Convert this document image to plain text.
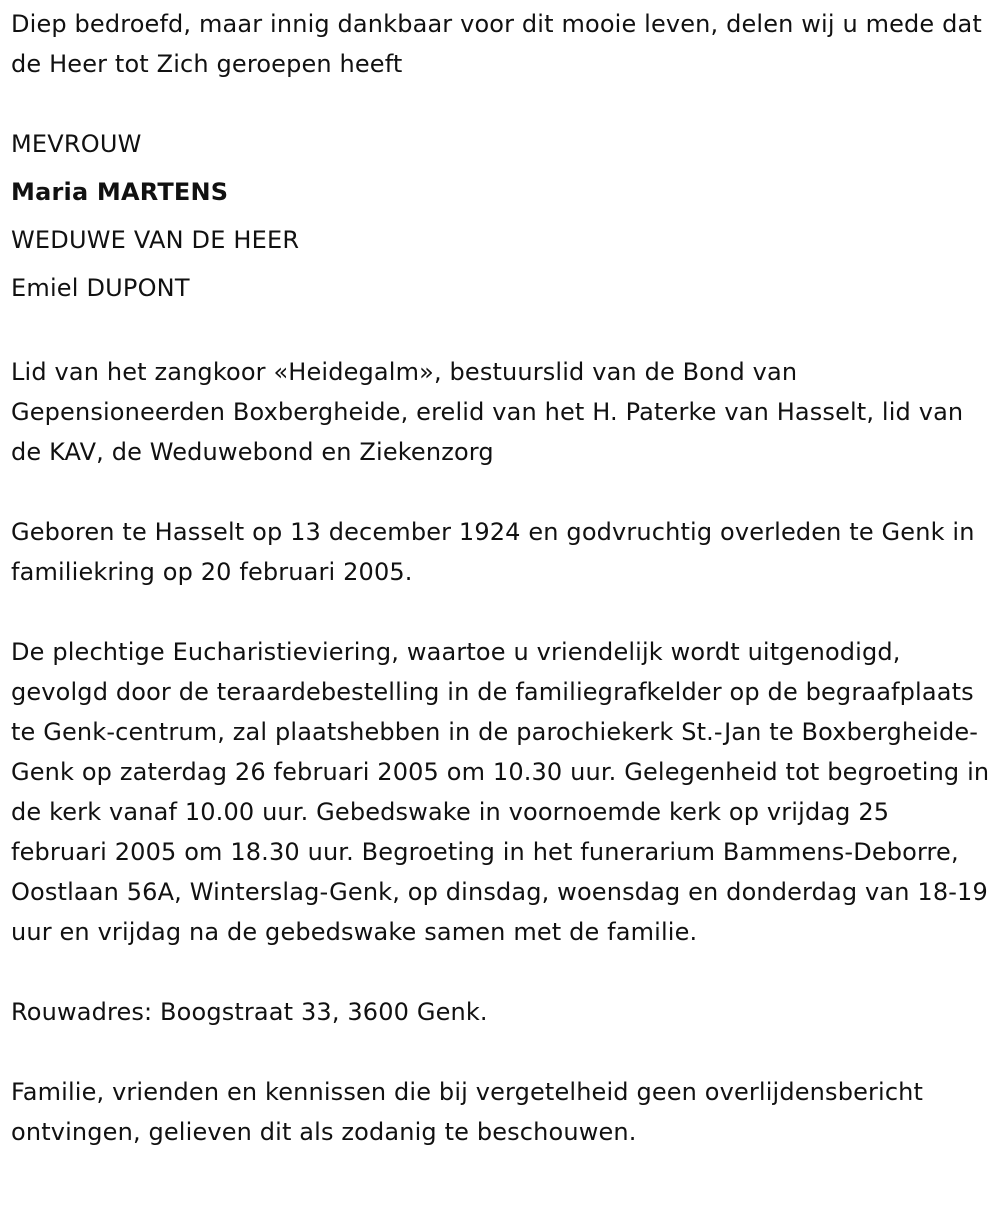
Diep bedroefd, maar innig dankbaar voor dit mooie leven, delen wij u mede dat de Heer tot Zich geroepen heeft

MEVROUW

Maria MARTENS

WEDUWE VAN DE HEER

Emiel DUPONT

Lid van het zangkoor «Heidegalm», bestuurslid van de Bond van Gepensioneerden Boxbergheide, erelid van het H. Paterke van Hasselt, lid van de KAV, de Weduwebond en Ziekenzorg

Geboren te Hasselt op 13 december 1924 en godvruchtig overleden te Genk in familiekring op 20 februari 2005.

De plechtige Eucharistieviering, waartoe u vriendelijk wordt uitgenodigd, gevolgd door de teraardebestelling in de familiegrafkelder op de begraafplaats te Genk-centrum, zal plaatshebben in de parochiekerk St.-Jan te Boxbergheide-Genk op zaterdag 26 februari 2005 om 10.30 uur. Gelegenheid tot begroeting in de kerk vanaf 10.00 uur. Gebedswake in voornoemde kerk op vrijdag 25 februari 2005 om 18.30 uur. Begroeting in het funerarium Bammens-Deborre, Oostlaan 56A, Winterslag-Genk, op dinsdag, woensdag en donderdag van 18-19 uur en vrijdag na de gebedswake samen met de familie.

Rouwadres: Boogstraat 33, 3600 Genk.

Familie, vrienden en kennissen die bij vergetelheid geen overlijdensbericht ontvingen, gelieven dit als zodanig te beschouwen.
